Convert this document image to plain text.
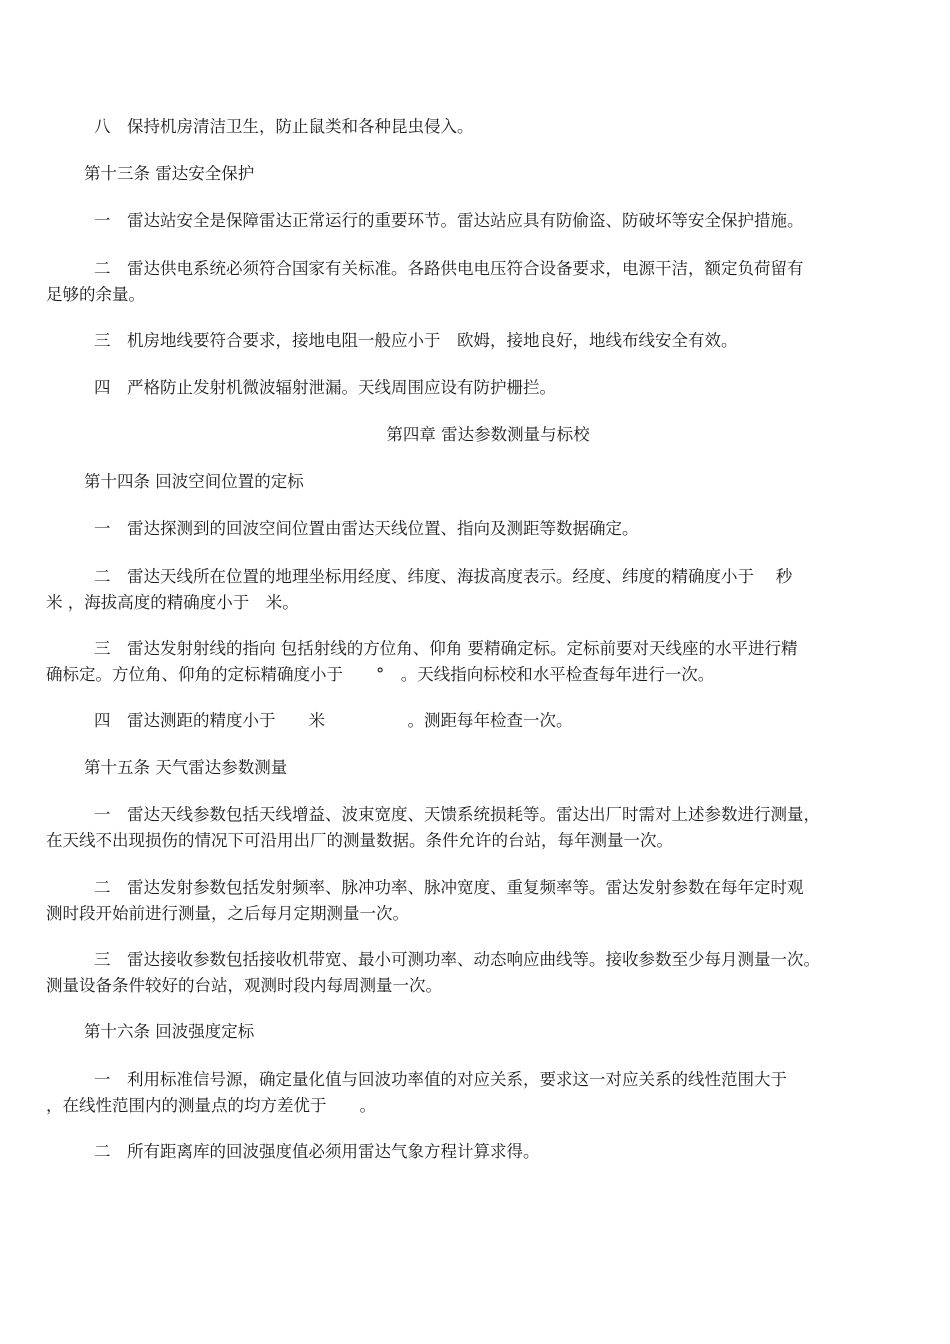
八　保持机房清洁卫生，防止鼠类和各种昆虫侵入。
第十三条 雷达安全保护
一　雷达站安全是保障雷达正常运行的重要环节。雷达站应具有防偷盗、防破坏等安全保护措施。
二　雷达供电系统必须符合国家有关标准。各路供电电压符合设备要求，电源干洁，额定负荷留有
足够的余量。
三　机房地线要符合要求，接地电阻一般应小于　欧姆，接地良好，地线布线安全有效。
四　严格防止发射机微波辐射泄漏。天线周围应设有防护栅拦。
第四章 雷达参数测量与标校
第十四条 回波空间位置的定标
一　雷达探测到的回波空间位置由雷达天线位置、指向及测距等数据确定。
二　雷达天线所在位置的地理坐标用经度、纬度、海拔高度表示。经度、纬度的精确度小于　 秒
米 ，海拔高度的精确度小于　米。
三　雷达发射射线的指向 包括射线的方位角、仰角 要精确定标。定标前要对天线座的水平进行精
确标定。方位角、仰角的定标精确度小于　　°　。天线指向标校和水平检查每年进行一次。
四　雷达测距的精度小于　　米　　　　　。测距每年检查一次。
第十五条 天气雷达参数测量
一　雷达天线参数包括天线增益、波束宽度、天馈系统损耗等。雷达出厂时需对上述参数进行测量，
在天线不出现损伤的情况下可沿用出厂的测量数据。条件允许的台站，每年测量一次。
二　雷达发射参数包括发射频率、脉冲功率、脉冲宽度、重复频率等。雷达发射参数在每年定时观
测时段开始前进行测量，之后每月定期测量一次。
三　雷达接收参数包括接收机带宽、最小可测功率、动态响应曲线等。接收参数至少每月测量一次。
测量设备条件较好的台站，观测时段内每周测量一次。
第十六条 回波强度定标
一　利用标准信号源，确定量化值与回波功率值的对应关系，要求这一对应关系的线性范围大于
，在线性范围内的测量点的均方差优于　　。
二　所有距离库的回波强度值必须用雷达气象方程计算求得。
